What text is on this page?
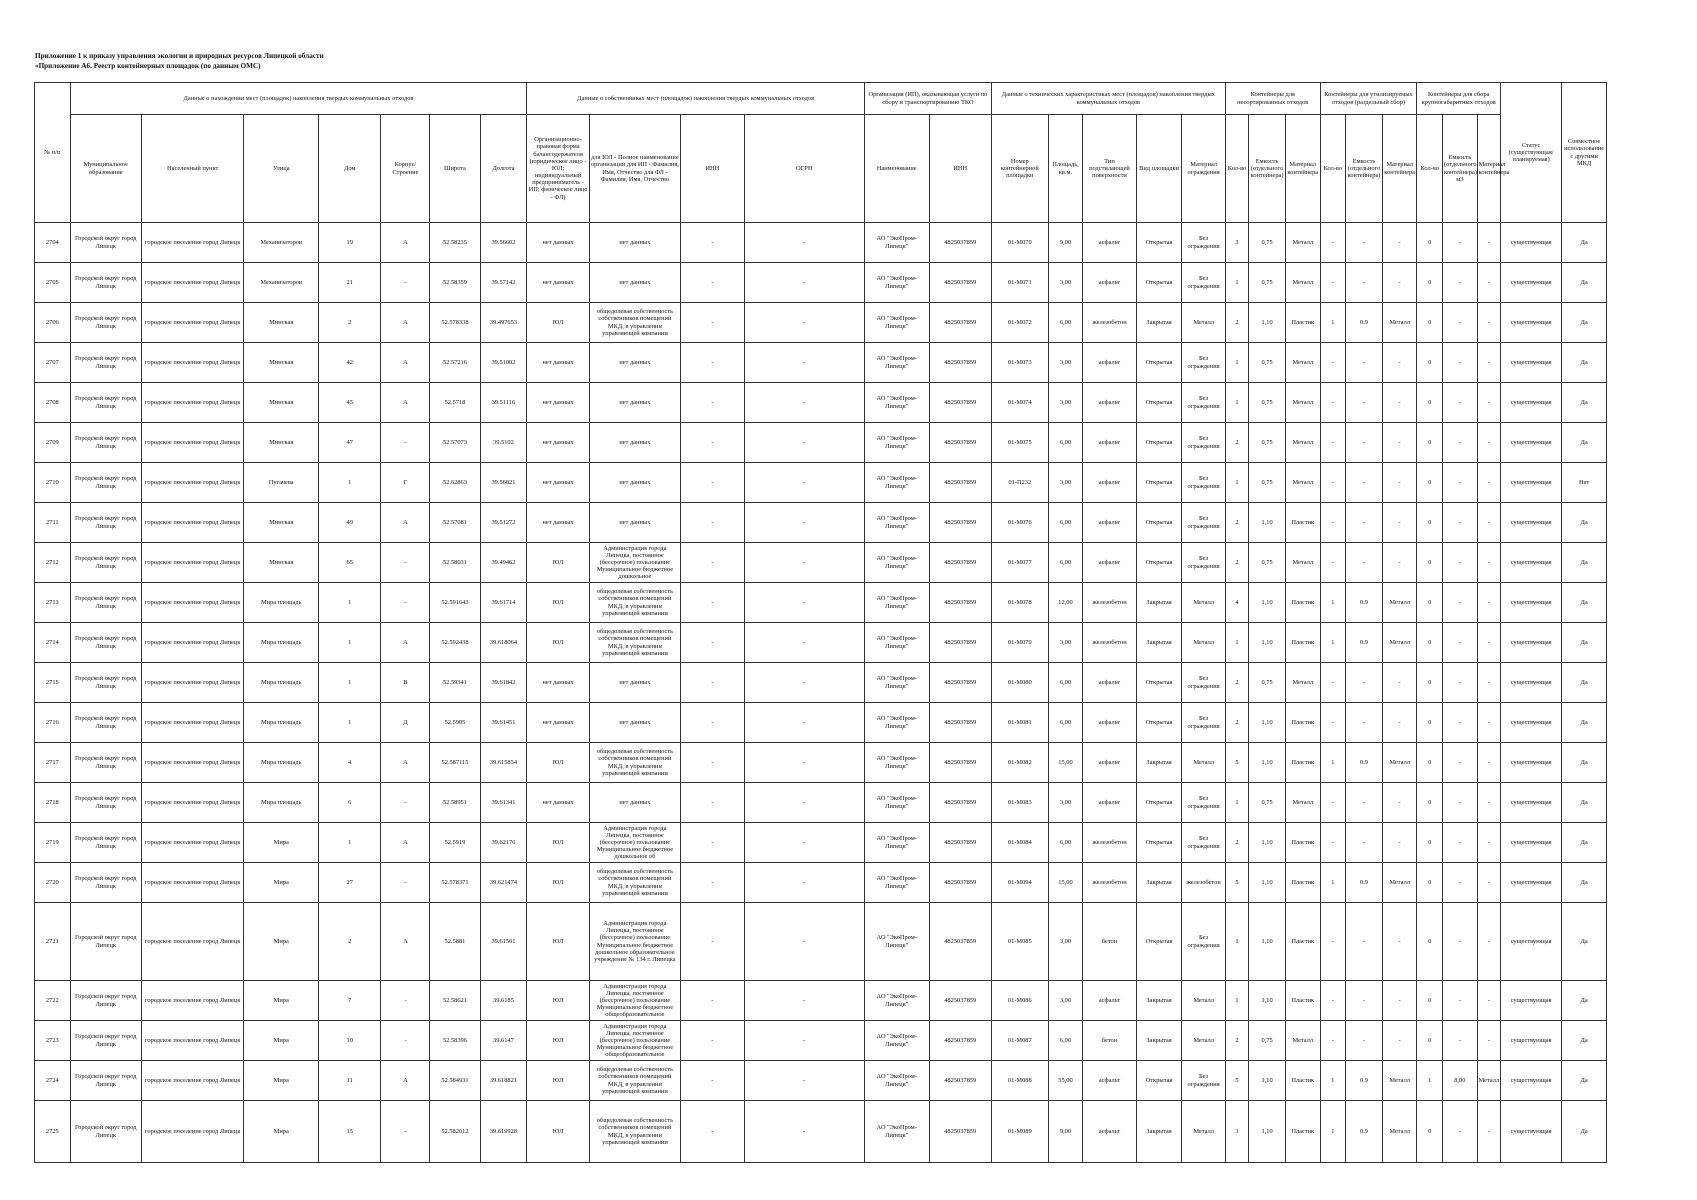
Приложение 1 к приказу управления экологии и природных ресурсов Липецкой области
«Приложение А6. Реестр контейнерных площадок (по данным ОМС)
№ п/п	Данные о нахождении мест (площадок) накопления твердых коммунальных отходов							Данные о собственниках мест (площадок) накопления твердых коммунальных отходов				Организация (ИП), оказывающая услуги по сбору и транспортированию ТКО		Данные о технических характеристиках мест (площадок) накопления твердых коммунальных отходов					Контейнеры для несортированных отходов			Контейнеры для утилизируемых отходов (раздельный сбор)			Контейнеры для сбора крупногабаритных отходов			Статус (существующая/ планируемая)	Совместное использование с другими МКД
	Муниципальное образование	Населенный пункт	Улица	Дом	Корпус/Строение	Широта	Долгота	Организационно-правовая форма балансодержателя (юридическое лицо - ЮЛ; индивидуальный предприниматель - ИП; физическое лицо - ФЛ)	для ЮЛ - Полное наименование организации для ИП - Фамилия, Имя, Отчество для ФЛ - Фамилия, Имя, Отчество	ИНН	ОГРН	Наименование	ИНН	Номер контейнерной площадки	Площадь, кв.м.	Тип подстилающей поверхности	Вид площадки	Материал ограждения	Кол-во	Емкость (отдельного контейнера)	Материал контейнера	Кол-во	Емкость (отдельного контейнера)	Материал контейнера	Кол-во	Емкость (отдельного контейнера) м3	Материал контейнера		
2704	Городской округ город Липецк	городское поселение город Липецк	Механизаторов	19	А	52.58235	39.56602	нет данных	нет данных	-	-	АО "ЭкоПром-Липецк"	4825037859	01-М070	9,00	асфальт	Открытая	Без ограждения	3	0,75	Металл	-	-	-	0	-	-	существующая	Да
2705	Городской округ город Липецк	городское поселение город Липецк	Механизаторов	21	-	52.58359	39.57142	нет данных	нет данных	-	-	АО "ЭкоПром-Липецк"	4825037859	01-М071	3,00	асфальт	Открытая	Без ограждения	1	0,75	Металл	-	-	-	0	-	-	существующая	Да
2706	Городской округ город Липецк	городское поселение город Липецк	Минская	2	А	52.578338	39.497653	ЮЛ	общедолевая собственность собственников помещений МКД, в управлении управляющей компании	-	-	АО "ЭкоПром-Липецк"	4825037859	01-М072	6,00	железобетон	Закрытая	Металл	2	1,10	Пластик	1	0.9	Металл	0	-	-	существующая	Да
2707	Городской округ город Липецк	городское поселение город Липецк	Минская	42	А	52.57216	39.51002	нет данных	нет данных	-	-	АО "ЭкоПром-Липецк"	4825037859	01-М073	3,00	асфальт	Открытая	Без ограждения	1	0,75	Металл	-	-	-	0	-	-	существующая	Да
2708	Городской округ город Липецк	городское поселение город Липецк	Минская	45	А	52.5718	39.51116	нет данных	нет данных	-	-	АО "ЭкоПром-Липецк"	4825037859	01-М074	3,00	асфальт	Открытая	Без ограждения	1	0,75	Металл	-	-	-	0	-	-	существующая	Да
2709	Городской округ город Липецк	городское поселение город Липецк	Минская	47	-	52.57073	39.5102	нет данных	нет данных	-	-	АО "ЭкоПром-Липецк"	4825037859	01-М075	6,00	асфальт	Открытая	Без ограждения	2	0,75	Металл	-	-	-	0	-	-	существующая	Да
2710	Городской округ город Липецк	городское поселение город Липецк	Пугачева	1	Г	52.62863	39.56821	нет данных	нет данных	-	-	АО "ЭкоПром-Липецк"	4825037859	01-П232	3,00	асфальт	Открытая	Без ограждения	1	0,75	Металл	-	-	-	0	-	-	существующая	Нет
2711	Городской округ город Липецк	городское поселение город Липецк	Минская	49	А	52.57081	39.51272	нет данных	нет данных	-	-	АО "ЭкоПром-Липецк"	4825037859	01-М076	6,00	асфальт	Открытая	Без ограждения	2	1,10	Пластик	-	-	-	0	-	-	существующая	Да
2712	Городской округ город Липецк	городское поселение город Липецк	Минская	65	-	52.58031	39.49462	ЮЛ	Администрация города Липецка, постоянное (бессрочное) пользование Муниципальное бюджетное дошкольное	-	-	АО "ЭкоПром-Липецк"	4825037859	01-М077	6,00	асфальт	Открытая	Без ограждения	2	0,75	Металл	-	-	-	0	-	-	существующая	Да
2713	Городской округ город Липецк	городское поселение город Липецк	Мира площадь	1	-	52.591643	39.61714	ЮЛ	общедолевая собственность собственников помещений МКД, в управлении управляющей компании	-	-	АО "ЭкоПром-Липецк"	4825037859	01-М078	12,00	железобетон	Закрытая	Металл	4	1,10	Пластик	1	0.9	Металл	0	-	-	существующая	Да
2714	Городской округ город Липецк	городское поселение город Липецк	Мира площадь	1	А	52.592438	39.618064	ЮЛ	общедолевая собственность собственников помещений МКД, в управлении управляющей компании	-	-	АО "ЭкоПром-Липецк"	4825037859	01-М079	3,00	железобетон	Закрытая	Металл	1	1,10	Пластик	1	0.9	Металл	0	-	-	существующая	Да
2715	Городской округ город Липецк	городское поселение город Липецк	Мира площадь	1	В	52.59341	39.61842	нет данных	нет данных	-	-	АО "ЭкоПром-Липецк"	4825037859	01-М080	6,00	асфальт	Открытая	Без ограждения	2	0,75	Металл	-	-	-	0	-	-	существующая	Да
2716	Городской округ город Липецк	городское поселение город Липецк	Мира площадь	1	Д	52.5905	39.61451	нет данных	нет данных	-	-	АО "ЭкоПром-Липецк"	4825037859	01-М081	6,00	асфальт	Открытая	Без ограждения	2	1,10	Пластик	-	-	-	0	-	-	существующая	Да
2717	Городской округ город Липецк	городское поселение город Липецк	Мира площадь	4	А	52.587115	39.615854	ЮЛ	общедолевая собственность собственников помещений МКД, в управлении управляющей компании	-	-	АО "ЭкоПром-Липецк"	4825037859	01-М082	15,00	асфальт	Закрытая	Металл	5	1,10	Пластик	1	0.9	Металл	0	-	-	существующая	Да
2718	Городской округ город Липецк	городское поселение город Липецк	Мира площадь	6	-	52.58951	39.61341	нет данных	нет данных	-	-	АО "ЭкоПром-Липецк"	4825037859	01-М083	3,00	асфальт	Открытая	Без ограждения	1	0,75	Металл	-	-	-	0	-	-	существующая	Да
2719	Городской округ город Липецк	городское поселение город Липецк	Мира	1	А	52.5919	39.62176	ЮЛ	Администрация города Липецка, постоянное (бессрочное) пользование Муниципальное бюджетное дошкольное об	-	-	АО "ЭкоПром-Липецк"	4825037859	01-М084	6,00	железобетон	Открытая	Без ограждения	2	1,10	Пластик	-	-	-	0	-	-	существующая	Да
2720	Городской округ город Липецк	городское поселение город Липецк	Мира	27	-	52.578371	39.621474	ЮЛ	общедолевая собственность собственников помещений МКД, в управлении управляющей компании	-	-	АО "ЭкоПром-Липецк"	4825037859	01-М094	15,00	железобетон	Закрытая	железобетон	5	1,10	Пластик	1	0.9	Металл	0	-	-	существующая	Да
2721	Городской округ город Липецк	городское поселение город Липецк	Мира	2	А	52.5881	39.61501	ЮЛ	Администрация города Липецка, постоянное (бессрочное) пользование Муниципальное бюджетное дошкольное образовательное учреждение № 134 г. Липецка	-	-	АО "ЭкоПром-Липецк"	4825037859	01-М085	3,00	бетон	Открытая	Без ограждения	1	1,10	Пластик	-	-	-	0	-	-	существующая	Да
2722	Городской округ город Липецк	городское поселение город Липецк	Мира	7	-	52.58621	39.6185	ЮЛ	Администрация города Липецка, постоянное (бессрочное) пользование Муниципальное бюджетное общеобразовательное	-	-	АО "ЭкоПром-Липецк"	4825037859	01-М086	3,00	асфальт	Закрытая	Металл	1	1,10	Пластик	-	-	-	0	-	-	существующая	Да
2723	Городской округ город Липецк	городское поселение город Липецк	Мира	10	-	52.58396	39.6147	ЮЛ	Администрация города Липецка, постоянное (бессрочное) пользование Муниципальное бюджетное общеобразовательное	-	-	АО "ЭкоПром-Липецк"	4825037859	01-М087	6,00	бетон	Закрытая	Металл	2	0,75	Металл	-	-	-	0	-	-	существующая	Да
2724	Городской округ город Липецк	городское поселение город Липецк	Мира	11	А	52.584931	39.618821	ЮЛ	общедолевая собственность собственников помещений МКД, в управлении управляющей компании	-	-	АО "ЭкоПром-Липецк"	4825037859	01-М088	55,00	асфальт	Открытая	Без ограждения	5	1,10	Пластик	1	0.9	Металл	1	8,00	Металл	существующая	Да
2725	Городской округ город Липецк	городское поселение город Липецк	Мира	15	-	52.582012	39.619928	ЮЛ	общедолевая собственность собственников помещений МКД, в управлении управляющей компании	-	-	АО "ЭкоПром-Липецк"	4825037859	01-М089	9,00	асфальт	Закрытая	Металл	3	1,10	Пластик	1	0.9	Металл	0	-	-	существующая	Да
